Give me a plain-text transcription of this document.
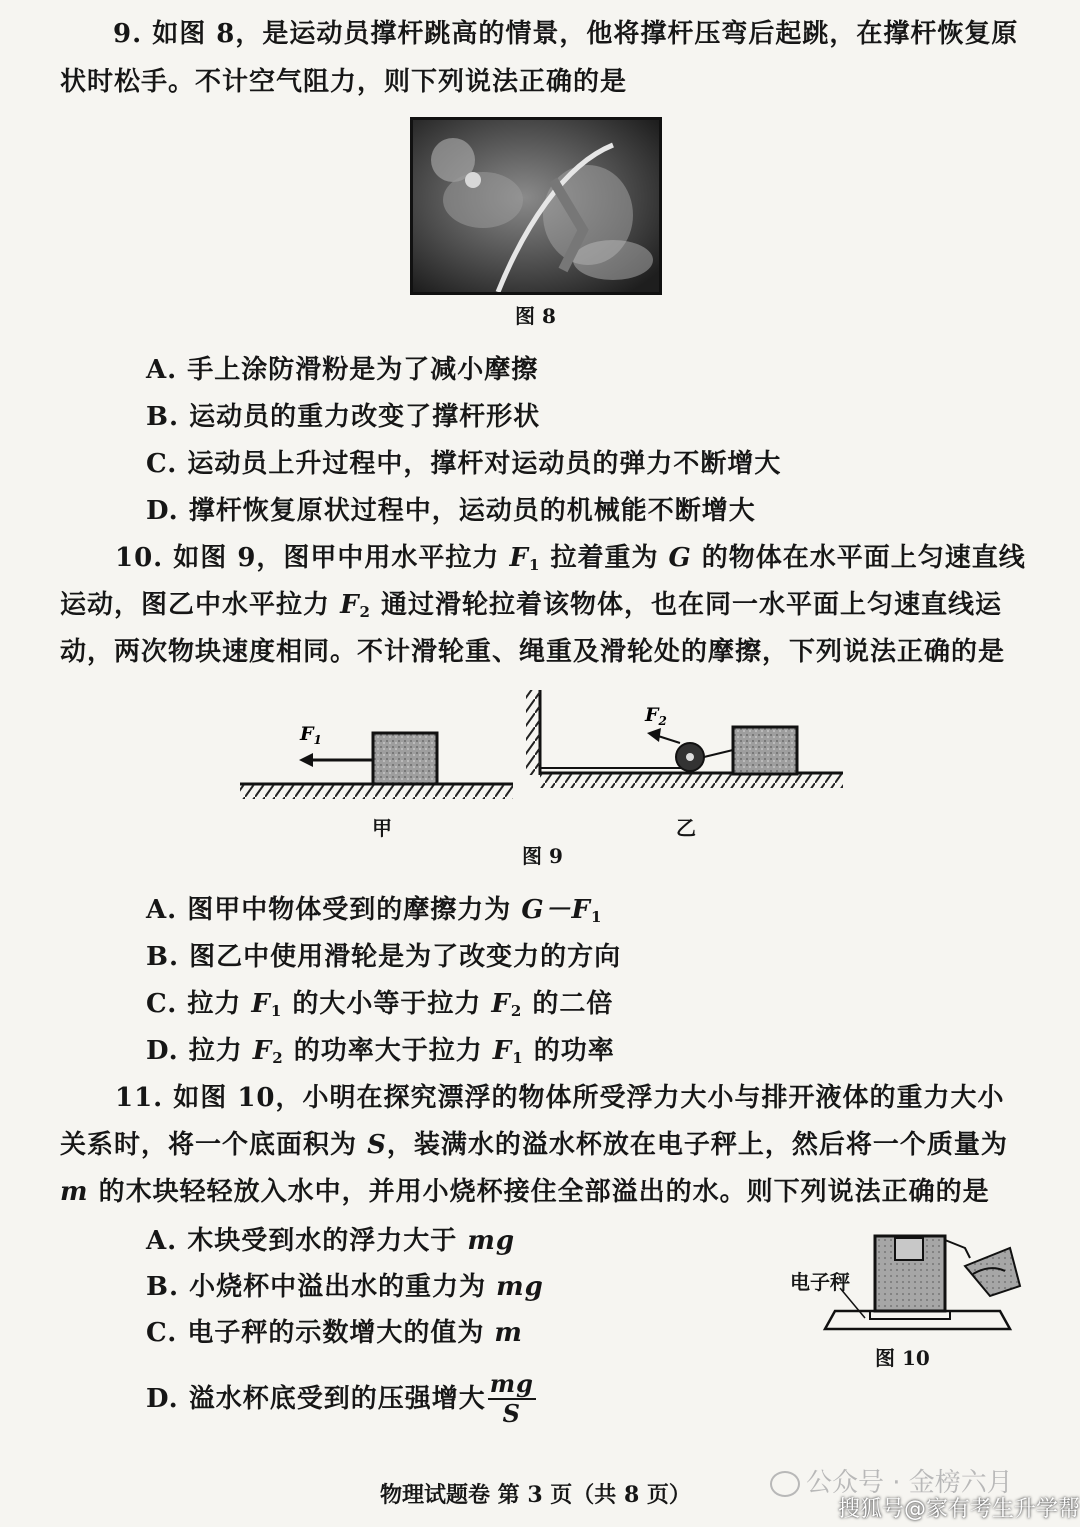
9. 如图 8，是运动员撑杆跳高的情景，他将撑杆压弯后起跳，在撑杆恢复原
状时松手。不计空气阻力，则下列说法正确的是
图 8
A. 手上涂防滑粉是为了减小摩擦
B. 运动员的重力改变了撑杆形状
C. 运动员上升过程中，撑杆对运动员的弹力不断增大
D. 撑杆恢复原状过程中，运动员的机械能不断增大
10. 如图 9，图甲中用水平拉力 $F_1$ 拉着重为 G 的物体在水平面上匀速直线
运动，图乙中水平拉力 $F_2$ 通过滑轮拉着该物体，也在同一水平面上匀速直线运
动，两次物块速度相同。不计滑轮重、绳重及滑轮处的摩擦，下列说法正确的是
$F_1$
$F_2$
甲	乙
图 9
A. 图甲中物体受到的摩擦力为 $G-F_1$
B. 图乙中使用滑轮是为了改变力的方向
C. 拉力 $F_1$ 的大小等于拉力 $F_2$ 的二倍
D. 拉力 $F_2$ 的功率大于拉力 $F_1$ 的功率
11. 如图 10，小明在探究漂浮的物体所受浮力大小与排开液体的重力大小
关系时，将一个底面积为 S，装满水的溢水杯放在电子秤上，然后将一个质量为
m 的木块轻轻放入水中，并用小烧杯接住全部溢出的水。则下列说法正确的是
A. 木块受到水的浮力大于 mg
B. 小烧杯中溢出水的重力为 mg
C. 电子秤的示数增大的值为 m
D. 溢水杯底受到的压强增大 $\frac{mg}{S}$
电子秤
图 10
物理试题卷 第 3 页（共 8 页）	公众号 · 金榜六月
搜狐号@家有考生升学帮
